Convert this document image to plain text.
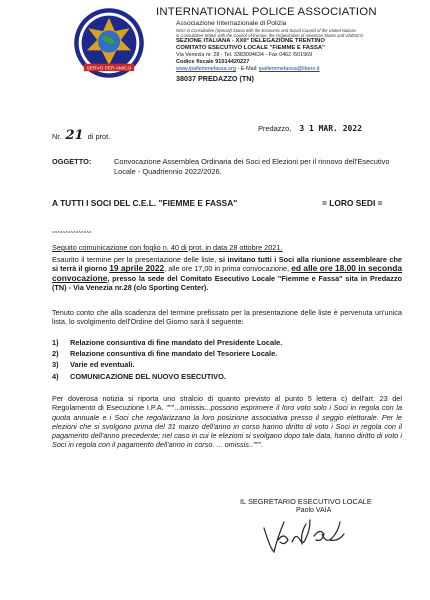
SERVO PER AMICO

INTERNATIONAL POLICE ASSOCIATION

Associazione Internazionale di Polizia

NGO in Consultative (Special) Status with the Economic and Social Council of the United Nations

in Consultative Status with the Council of Europe, the Organization of American States and UNESCO

SEZIONE ITALIANA - XXII° DELEGAZIONE TRENTINO

COMITATO ESECUTIVO LOCALE "FIEMME E FASSA"

Via Venezia nr. 28 - Tel. 3383094634 - Fax 0462 /501969

Codice fiscale 91014420227

www.ipafiemmefassa.org - E-Mail: ipafiemmefassa@libero.it

38037 PREDAZZO (TN)

Nr. 21 di prot.
Predazzo, 3 1 MAR. 2022
OGGETTO:	Convocazione Assemblea Ordinaria dei Soci ed Elezioni per il rinnovo dell'Esecutivo Locale - Quadriennio 2022/2026.
A TUTTI I SOCI DEL C.E.L. "FIEMME E FASSA"	= LORO SEDI =
^^^^^^^^^^^^^^^
Seguito comunicazione con foglio n. 40 di prot. in data 28 ottobre 2021.
Esaurito il termine per la presentazione delle liste, si invitano tutti i Soci alla riunione assembleare che si terrà il giorno 19 aprile 2022, alle ore 17,00 in prima convocazione, ed alle ore 18.00 in seconda convocazione, presso la sede del Comitato Esecutivo Locale "Fiemme e Fassa" sita in Predazzo (TN) - Via Venezia nr.28 (c/o Sporting Center).
Tenuto conto che alla scadenza del termine prefissato per la presentazione delle liste è pervenuta un'unica lista, lo svolgimento dell'Ordine del Giorno sarà il seguente:
1) Relazione consuntiva di fine mandato del Presidente Locale.
2) Relazione consuntiva di fine mandato del Tesoriere Locale.
3) Varie ed eventuali.
4) COMUNICAZIONE DEL NUOVO ESECUTIVO.
Per doverosa notizia si riporta uno stralcio di quanto previsto al punto 5 lettera c) dell'art. 23 del Regolamento di Esecuzione I.P.A. """...omissis...possono esprimere il loro voto solo i Soci in regola con la quota annuale e i Soci che regolarizzano la loro posizione associativa presso il seggio elettorale. Per le elezioni che si svolgono prima del 31 marzo dell'anno in corso hanno diritto di voto i Soci in regola con il pagamento dell'anno precedente; nel caso in cui le elezioni si svolgano dopo tale data, hanno diritto di voto i Soci in regola con il pagamento dell'anno in corso. ... omissis..""".
IL SEGRETARIO ESECUTIVO LOCALE
Paolo VAIA
